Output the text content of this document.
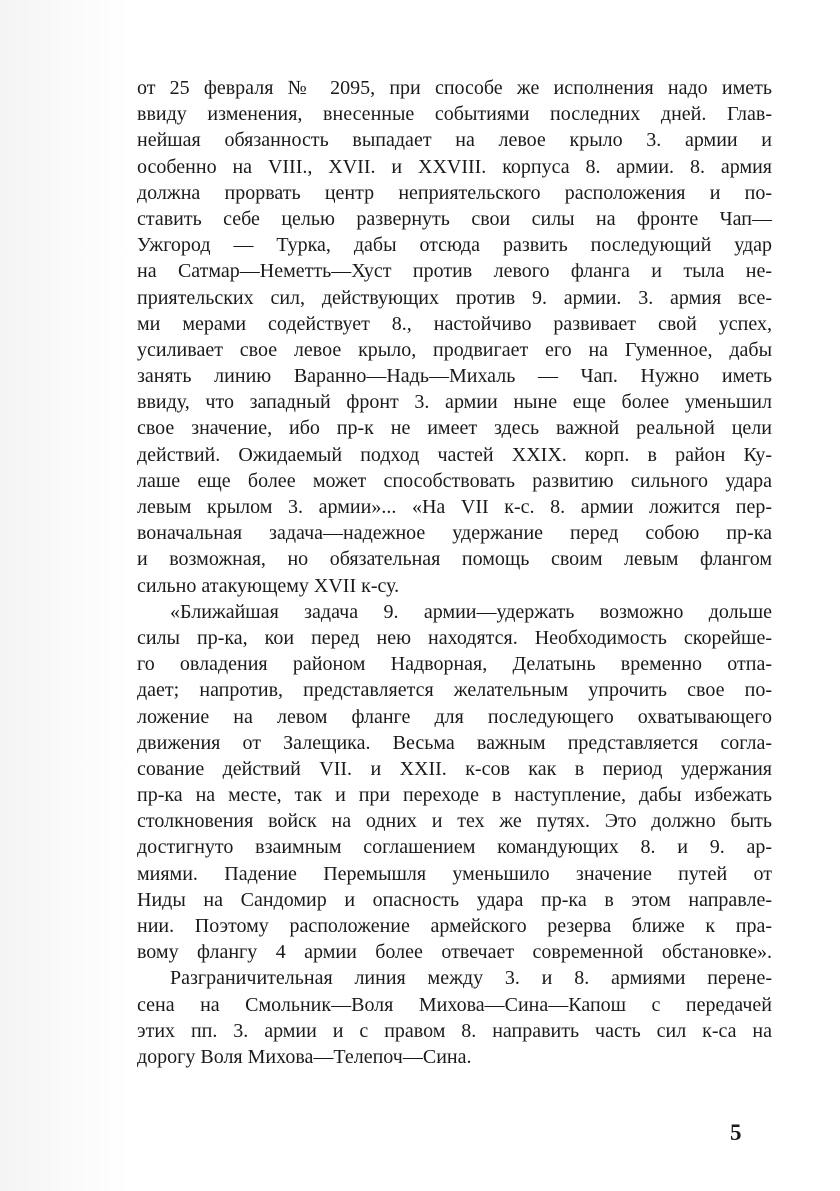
от 25 февраля № 2095, при способе же исполнения надо иметь
ввиду изменения, внесенные событиями последних дней. Глав-
нейшая обязанность выпадает на левое крыло 3. армии и
особенно на VIII., XVII. и XXVIII. корпуса 8. армии. 8. армия
должна прорвать центр неприятельского расположения и по-
ставить себе целью развернуть свои силы на фронте Чап—
Ужгород — Турка, дабы отсюда развить последующий удар
на Сатмар—Неметть—Хуст против левого фланга и тыла не-
приятельских сил, действующих против 9. армии. 3. армия все-
ми мерами содействует 8., настойчиво развивает свой успех,
усиливает свое левое крыло, продвигает его на Гуменное, дабы
занять линию Варанно—Надь—Михаль — Чап. Нужно иметь
ввиду, что западный фронт 3. армии ныне еще более уменьшил
свое значение, ибо пр-к не имеет здесь важной реальной цели
действий. Ожидаемый подход частей XXIX. корп. в район Ку-
лаше еще более может способствовать развитию сильного удара
левым крылом 3. армии»... «На VII к-с. 8. армии ложится пер-
воначальная задача—надежное удержание перед собою пр-ка
и возможная, но обязательная помощь своим левым флангом
сильно атакующему XVII к-су.
«Ближайшая задача 9. армии—удержать возможно дольше
силы пр-ка, кои перед нею находятся. Необходимость скорейше-
го овладения районом Надворная, Делатынь временно отпа-
дает; напротив, представляется желательным упрочить свое по-
ложение на левом фланге для последующего охватывающего
движения от Залещика. Весьма важным представляется согла-
сование действий VII. и XXII. к-сов как в период удержания
пр-ка на месте, так и при переходе в наступление, дабы избежать
столкновения войск на одних и тех же путях. Это должно быть
достигнуто взаимным соглашением командующих 8. и 9. ар-
миями. Падение Перемышля уменьшило значение путей от
Ниды на Сандомир и опасность удара пр-ка в этом направле-
нии. Поэтому расположение армейского резерва ближе к пра-
вому флангу 4 армии более отвечает современной обстановке».
Разграничительная линия между 3. и 8. армиями перене-
сена на Смольник—Воля Михова—Сина—Капош с передачей
этих пп. 3. армии и с правом 8. направить часть сил к-са на
дорогу Воля Михова—Телепоч—Сина.
5
